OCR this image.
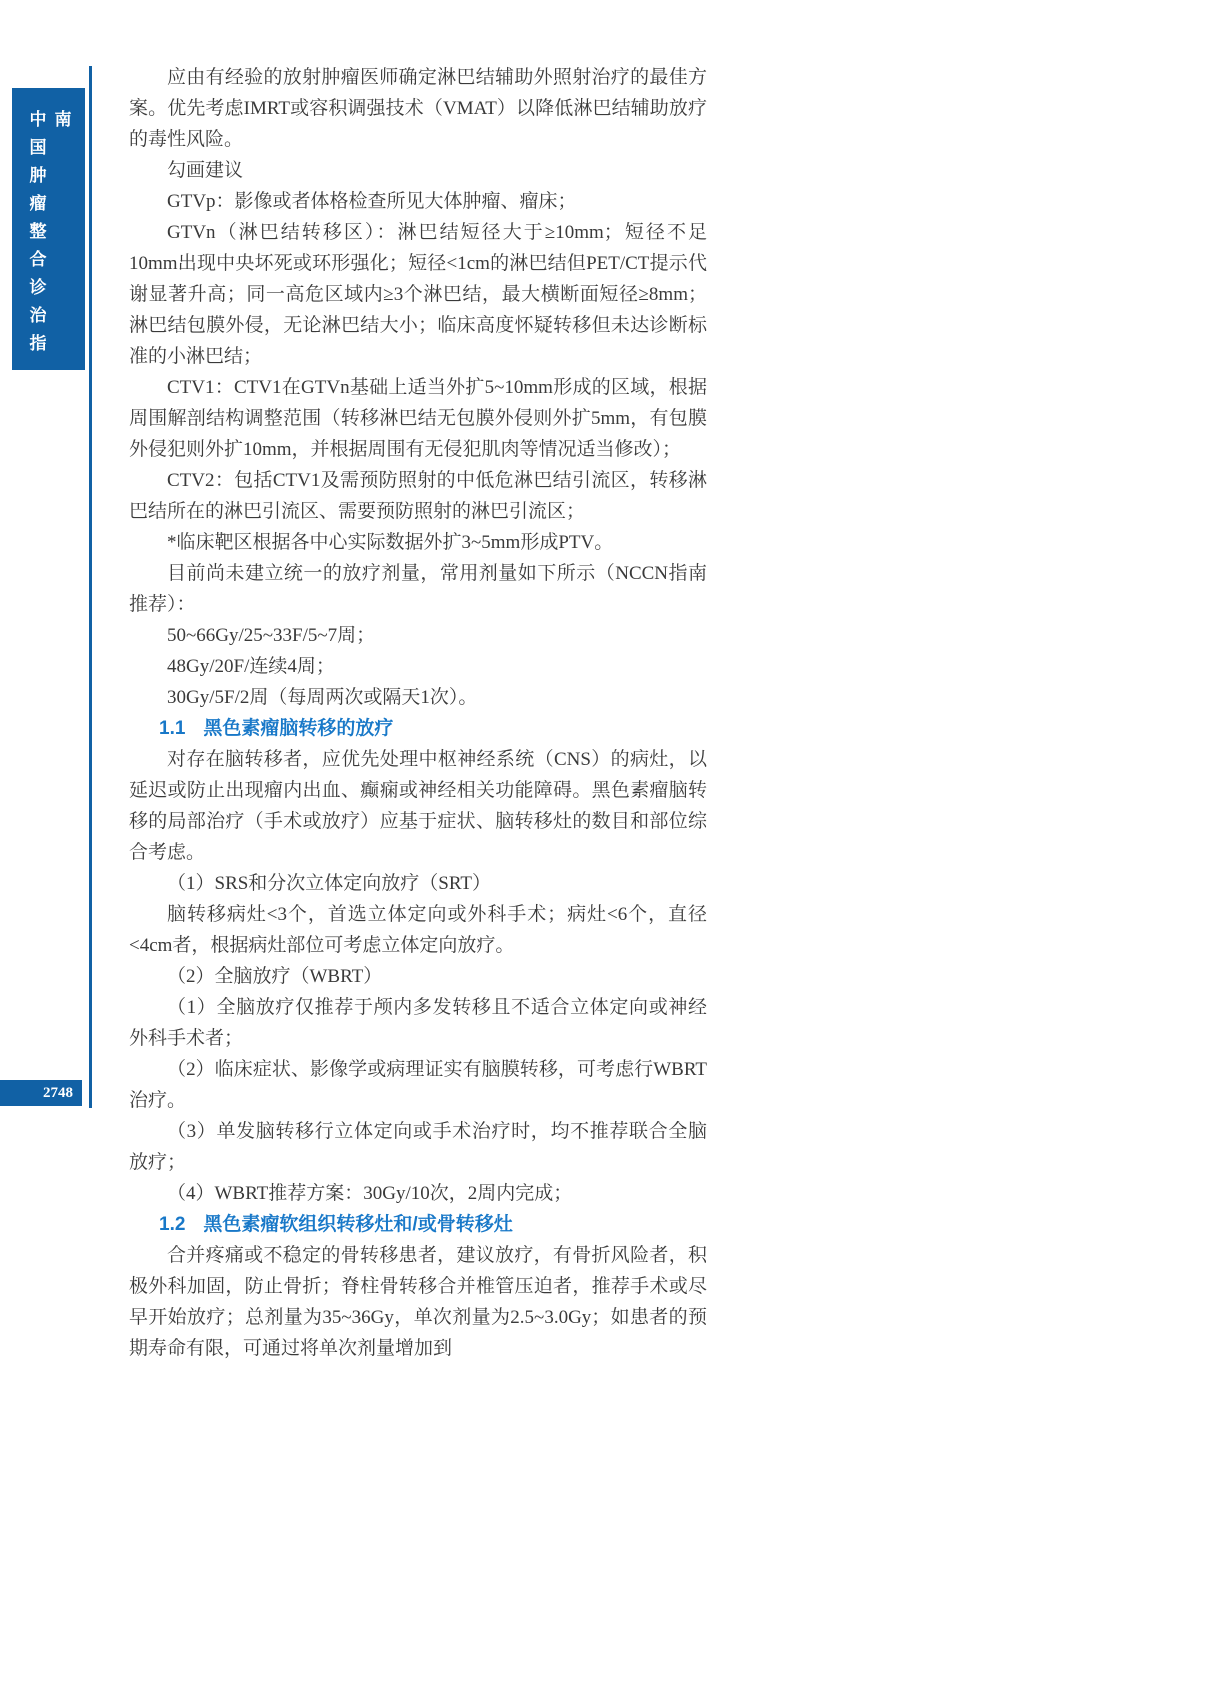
中国肿瘤整合诊治指南
2748
应由有经验的放射肿瘤医师确定淋巴结辅助外照射治疗的最佳方案。优先考虑IMRT或容积调强技术（VMAT）以降低淋巴结辅助放疗的毒性风险。
勾画建议
GTVp：影像或者体格检查所见大体肿瘤、瘤床；
GTVn（淋巴结转移区）：淋巴结短径大于≥10mm；短径不足10mm出现中央坏死或环形强化；短径<1cm的淋巴结但PET/CT提示代谢显著升高；同一高危区域内≥3个淋巴结，最大横断面短径≥8mm；淋巴结包膜外侵，无论淋巴结大小；临床高度怀疑转移但未达诊断标准的小淋巴结；
CTV1：CTV1在GTVn基础上适当外扩5~10mm形成的区域，根据周围解剖结构调整范围（转移淋巴结无包膜外侵则外扩5mm，有包膜外侵犯则外扩10mm，并根据周围有无侵犯肌肉等情况适当修改）；
CTV2：包括CTV1及需预防照射的中低危淋巴结引流区，转移淋巴结所在的淋巴引流区、需要预防照射的淋巴引流区；
*临床靶区根据各中心实际数据外扩3~5mm形成PTV。
目前尚未建立统一的放疗剂量，常用剂量如下所示（NCCN指南推荐）：
50~66Gy/25~33F/5~7周；
48Gy/20F/连续4周；
30Gy/5F/2周（每周两次或隔天1次）。
1.1 黑色素瘤脑转移的放疗
对存在脑转移者，应优先处理中枢神经系统（CNS）的病灶，以延迟或防止出现瘤内出血、癫痫或神经相关功能障碍。黑色素瘤脑转移的局部治疗（手术或放疗）应基于症状、脑转移灶的数目和部位综合考虑。
（1）SRS和分次立体定向放疗（SRT）
脑转移病灶<3个，首选立体定向或外科手术；病灶<6个，直径<4cm者，根据病灶部位可考虑立体定向放疗。
（2）全脑放疗（WBRT）
（1）全脑放疗仅推荐于颅内多发转移且不适合立体定向或神经外科手术者；
（2）临床症状、影像学或病理证实有脑膜转移，可考虑行WBRT治疗。
（3）单发脑转移行立体定向或手术治疗时，均不推荐联合全脑放疗；
（4）WBRT推荐方案：30Gy/10次，2周内完成；
1.2 黑色素瘤软组织转移灶和/或骨转移灶
合并疼痛或不稳定的骨转移患者，建议放疗，有骨折风险者，积极外科加固，防止骨折；脊柱骨转移合并椎管压迫者，推荐手术或尽早开始放疗；总剂量为35~36Gy，单次剂量为2.5~3.0Gy；如患者的预期寿命有限，可通过将单次剂量增加到
